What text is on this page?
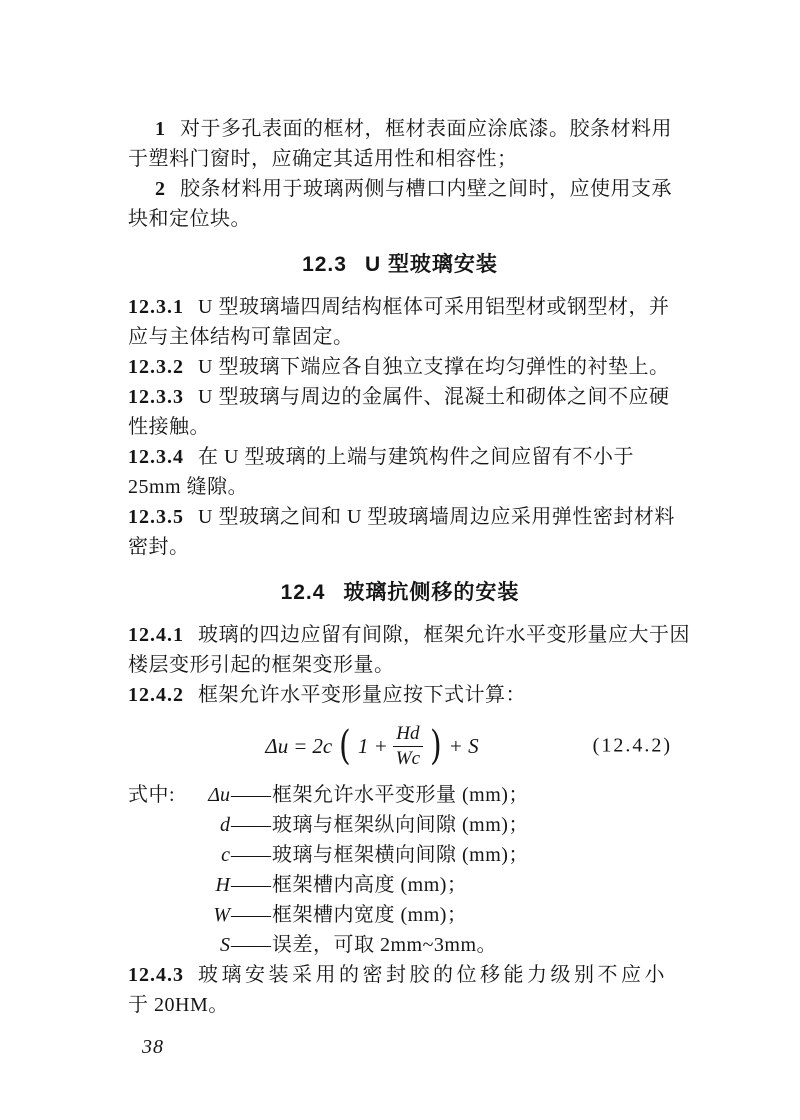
1 对于多孔表面的框材，框材表面应涂底漆。胶条材料用
于塑料门窗时，应确定其适用性和相容性；
2 胶条材料用于玻璃两侧与槽口内壁之间时，应使用支承
块和定位块。
12.3 U 型玻璃安装
12.3.1 U 型玻璃墙四周结构框体可采用铝型材或钢型材，并
应与主体结构可靠固定。
12.3.2 U 型玻璃下端应各自独立支撑在均匀弹性的衬垫上。
12.3.3 U 型玻璃与周边的金属件、混凝土和砌体之间不应硬
性接触。
12.3.4 在 U 型玻璃的上端与建筑构件之间应留有不小于
25mm 缝隙。
12.3.5 U 型玻璃之间和 U 型玻璃墙周边应采用弹性密封材料
密封。
12.4 玻璃抗侧移的安装
12.4.1 玻璃的四边应留有间隙，框架允许水平变形量应大于因
楼层变形引起的框架变形量。
12.4.2 框架允许水平变形量应按下式计算：
Δu = 2c ( $1 + \frac{Hd}{Wc}$ ) + S	(12.4.2)
式中:	Δu —— 框架允许水平变形量 (mm)；
d —— 玻璃与框架纵向间隙 (mm)；
c —— 玻璃与框架横向间隙 (mm)；
H —— 框架槽内高度 (mm)；
W —— 框架槽内宽度 (mm)；
S —— 误差，可取 2mm~3mm。
12.4.3 玻璃安装采用的密封胶的位移能力级别不应小
于 20HM。
38
